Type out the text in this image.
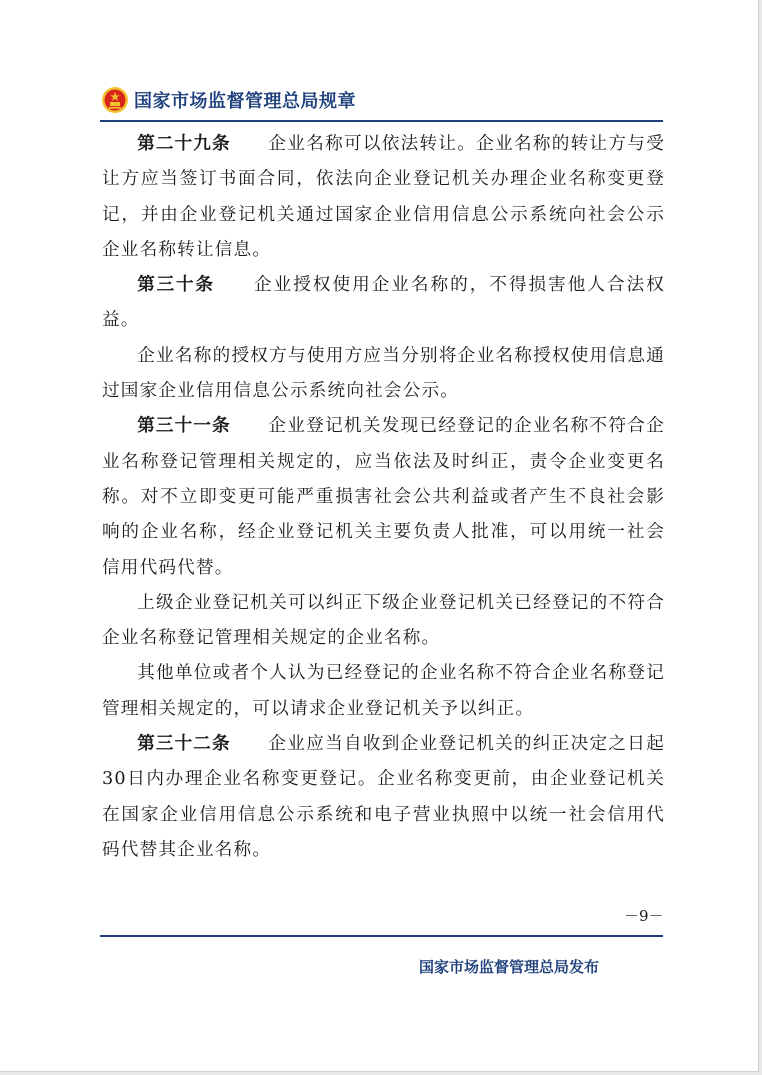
国家市场监督管理总局规章

第二十九条　　 企业名称可以依法转让。企业名称的转让方与受让方应当签订书面合同，依法向企业登记机关办理企业名称变更登记，并由企业登记机关通过国家企业信用信息公示系统向社会公示企业名称转让信息。

第三十条　　 企业授权使用企业名称的，不得损害他人合法权益。

企业名称的授权方与使用方应当分别将企业名称授权使用信息通过国家企业信用信息公示系统向社会公示。

第三十一条　　 企业登记机关发现已经登记的企业名称不符合企业名称登记管理相关规定的，应当依法及时纠正，责令企业变更名称。对不立即变更可能严重损害社会公共利益或者产生不良社会影响的企业名称，经企业登记机关主要负责人批准，可以用统一社会信用代码代替。

上级企业登记机关可以纠正下级企业登记机关已经登记的不符合企业名称登记管理相关规定的企业名称。

其他单位或者个人认为已经登记的企业名称不符合企业名称登记管理相关规定的，可以请求企业登记机关予以纠正。

第三十二条　　 企业应当自收到企业登记机关的纠正决定之日起30日内办理企业名称变更登记。企业名称变更前，由企业登记机关在国家企业信用信息公示系统和电子营业执照中以统一社会信用代码代替其企业名称。

－9－
国家市场监督管理总局发布
